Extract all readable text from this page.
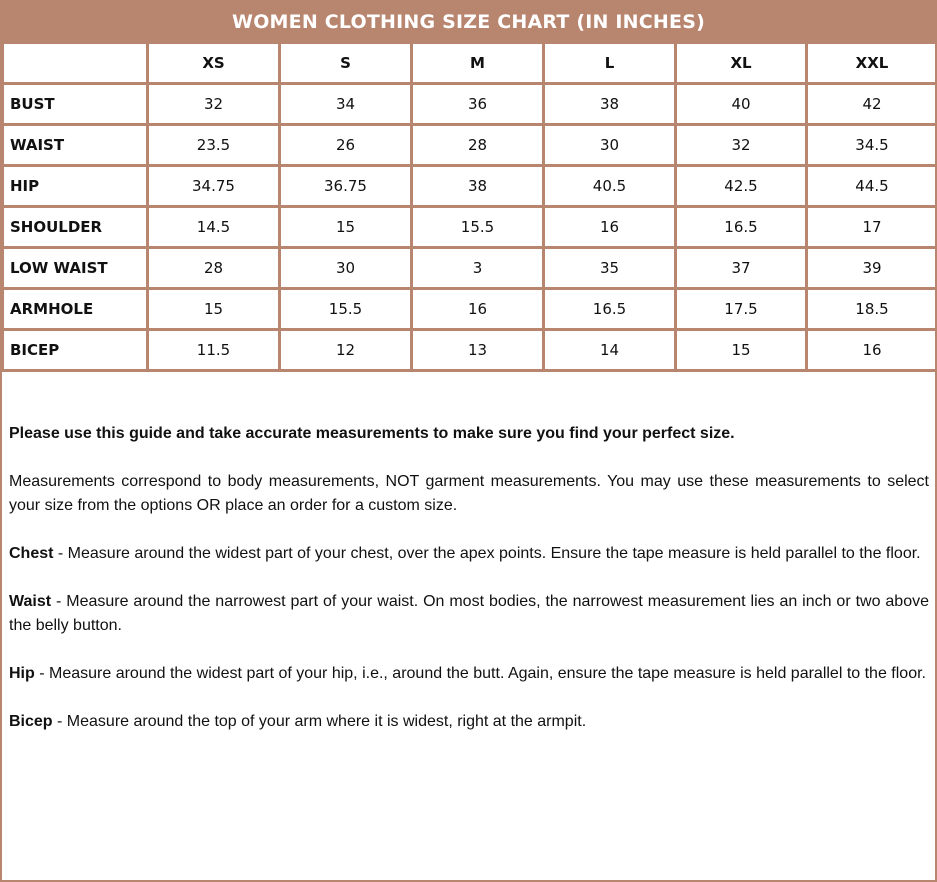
WOMEN CLOTHING SIZE CHART (IN INCHES)
	XS	S	M	L	XL	XXL
BUST	32	34	36	38	40	42
WAIST	23.5	26	28	30	32	34.5
HIP	34.75	36.75	38	40.5	42.5	44.5
SHOULDER	14.5	15	15.5	16	16.5	17
LOW WAIST	28	30	3	35	37	39
ARMHOLE	15	15.5	16	16.5	17.5	18.5
BICEP	11.5	12	13	14	15	16

Please use this guide and take accurate measurements to make sure you find your perfect size.

Measurements correspond to body measurements, NOT garment measurements. You may use these measurements to select your size from the options OR place an order for a custom size.

Chest - Measure around the widest part of your chest, over the apex points. Ensure the tape measure is held parallel to the floor.

Waist - Measure around the narrowest part of your waist. On most bodies, the narrowest measurement lies an inch or two above the belly button.

Hip - Measure around the widest part of your hip, i.e., around the butt. Again, ensure the tape measure is held parallel to the floor.

Bicep - Measure around the top of your arm where it is widest, right at the armpit.
